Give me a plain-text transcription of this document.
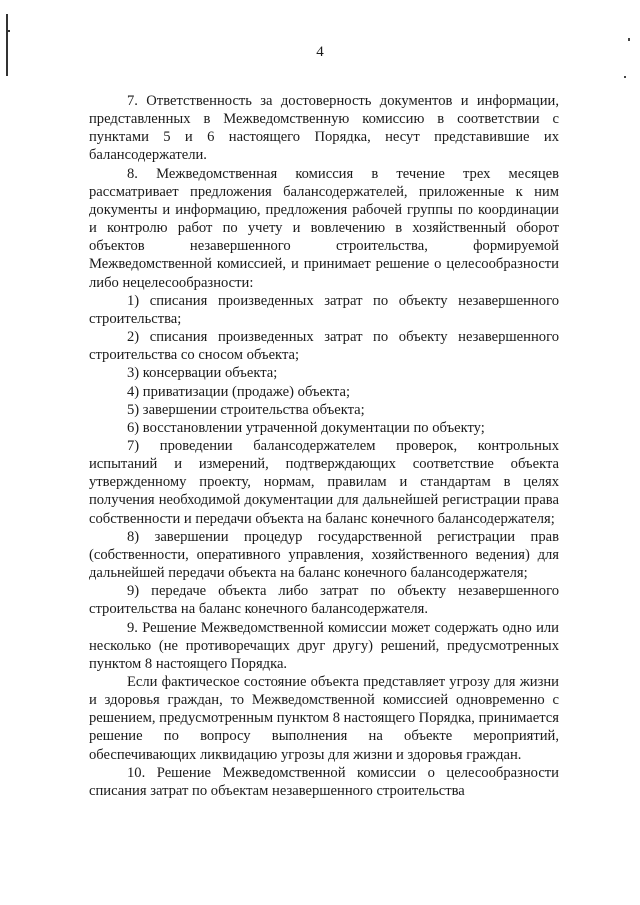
4

7. Ответственность за достоверность документов и информации, представленных в Межведомственную комиссию в соответствии с пунктами 5 и 6 настоящего Порядка, несут представившие их балансодержатели.

8. Межведомственная комиссия в течение трех месяцев рассматривает предложения балансодержателей, приложенные к ним документы и информацию, предложения рабочей группы по координации и контролю работ по учету и вовлечению в хозяйственный оборот объектов незавершенного строительства, формируемой Межведомственной комиссией, и принимает решение о целесообразности либо нецелесообразности:

1) списания произведенных затрат по объекту незавершенного строительства;

2) списания произведенных затрат по объекту незавершенного строительства со сносом объекта;

3) консервации объекта;

4) приватизации (продаже) объекта;

5) завершении строительства объекта;

6) восстановлении утраченной документации по объекту;

7) проведении балансодержателем проверок, контрольных испытаний и измерений, подтверждающих соответствие объекта утвержденному проекту, нормам, правилам и стандартам в целях получения необходимой документации для дальнейшей регистрации права собственности и передачи объекта на баланс конечного балансодержателя;

8) завершении процедур государственной регистрации прав (собственности, оперативного управления, хозяйственного ведения) для дальнейшей передачи объекта на баланс конечного балансодержателя;

9) передаче объекта либо затрат по объекту незавершенного строительства на баланс конечного балансодержателя.

9. Решение Межведомственной комиссии может содержать одно или несколько (не противоречащих друг другу) решений, предусмотренных пунктом 8 настоящего Порядка.

Если фактическое состояние объекта представляет угрозу для жизни и здоровья граждан, то Межведомственной комиссией одновременно с решением, предусмотренным пунктом 8 настоящего Порядка, принимается решение по вопросу выполнения на объекте мероприятий, обеспечивающих ликвидацию угрозы для жизни и здоровья граждан.

10. Решение Межведомственной комиссии о целесообразности списания затрат по объектам незавершенного строительства
